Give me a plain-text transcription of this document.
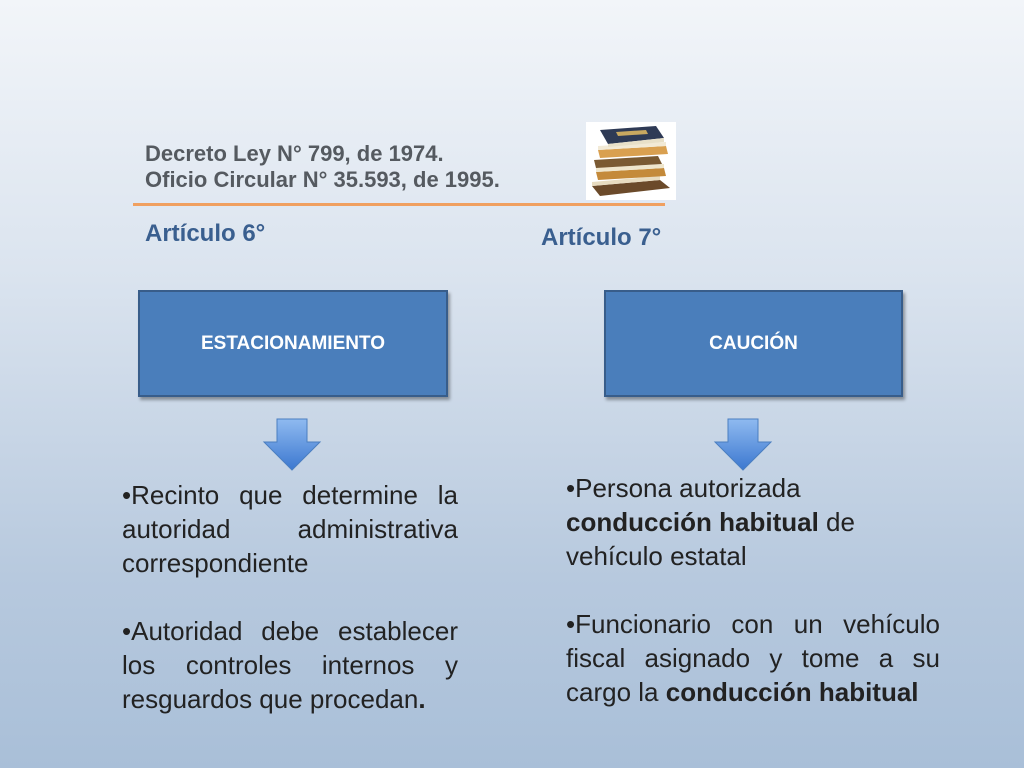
Decreto Ley N° 799, de 1974.
Oficio Circular N° 35.593, de 1995.
Artículo 6°	Artículo 7°
ESTACIONAMIENTO	CAUCIÓN

•Recinto que determine la autoridad administrativa correspondiente

•Autoridad debe establecer los controles internos y resguardos que procedan.

•Persona autorizada conducción habitual de vehículo estatal

•Funcionario con un vehículo fiscal asignado y tome a su cargo la conducción habitual
